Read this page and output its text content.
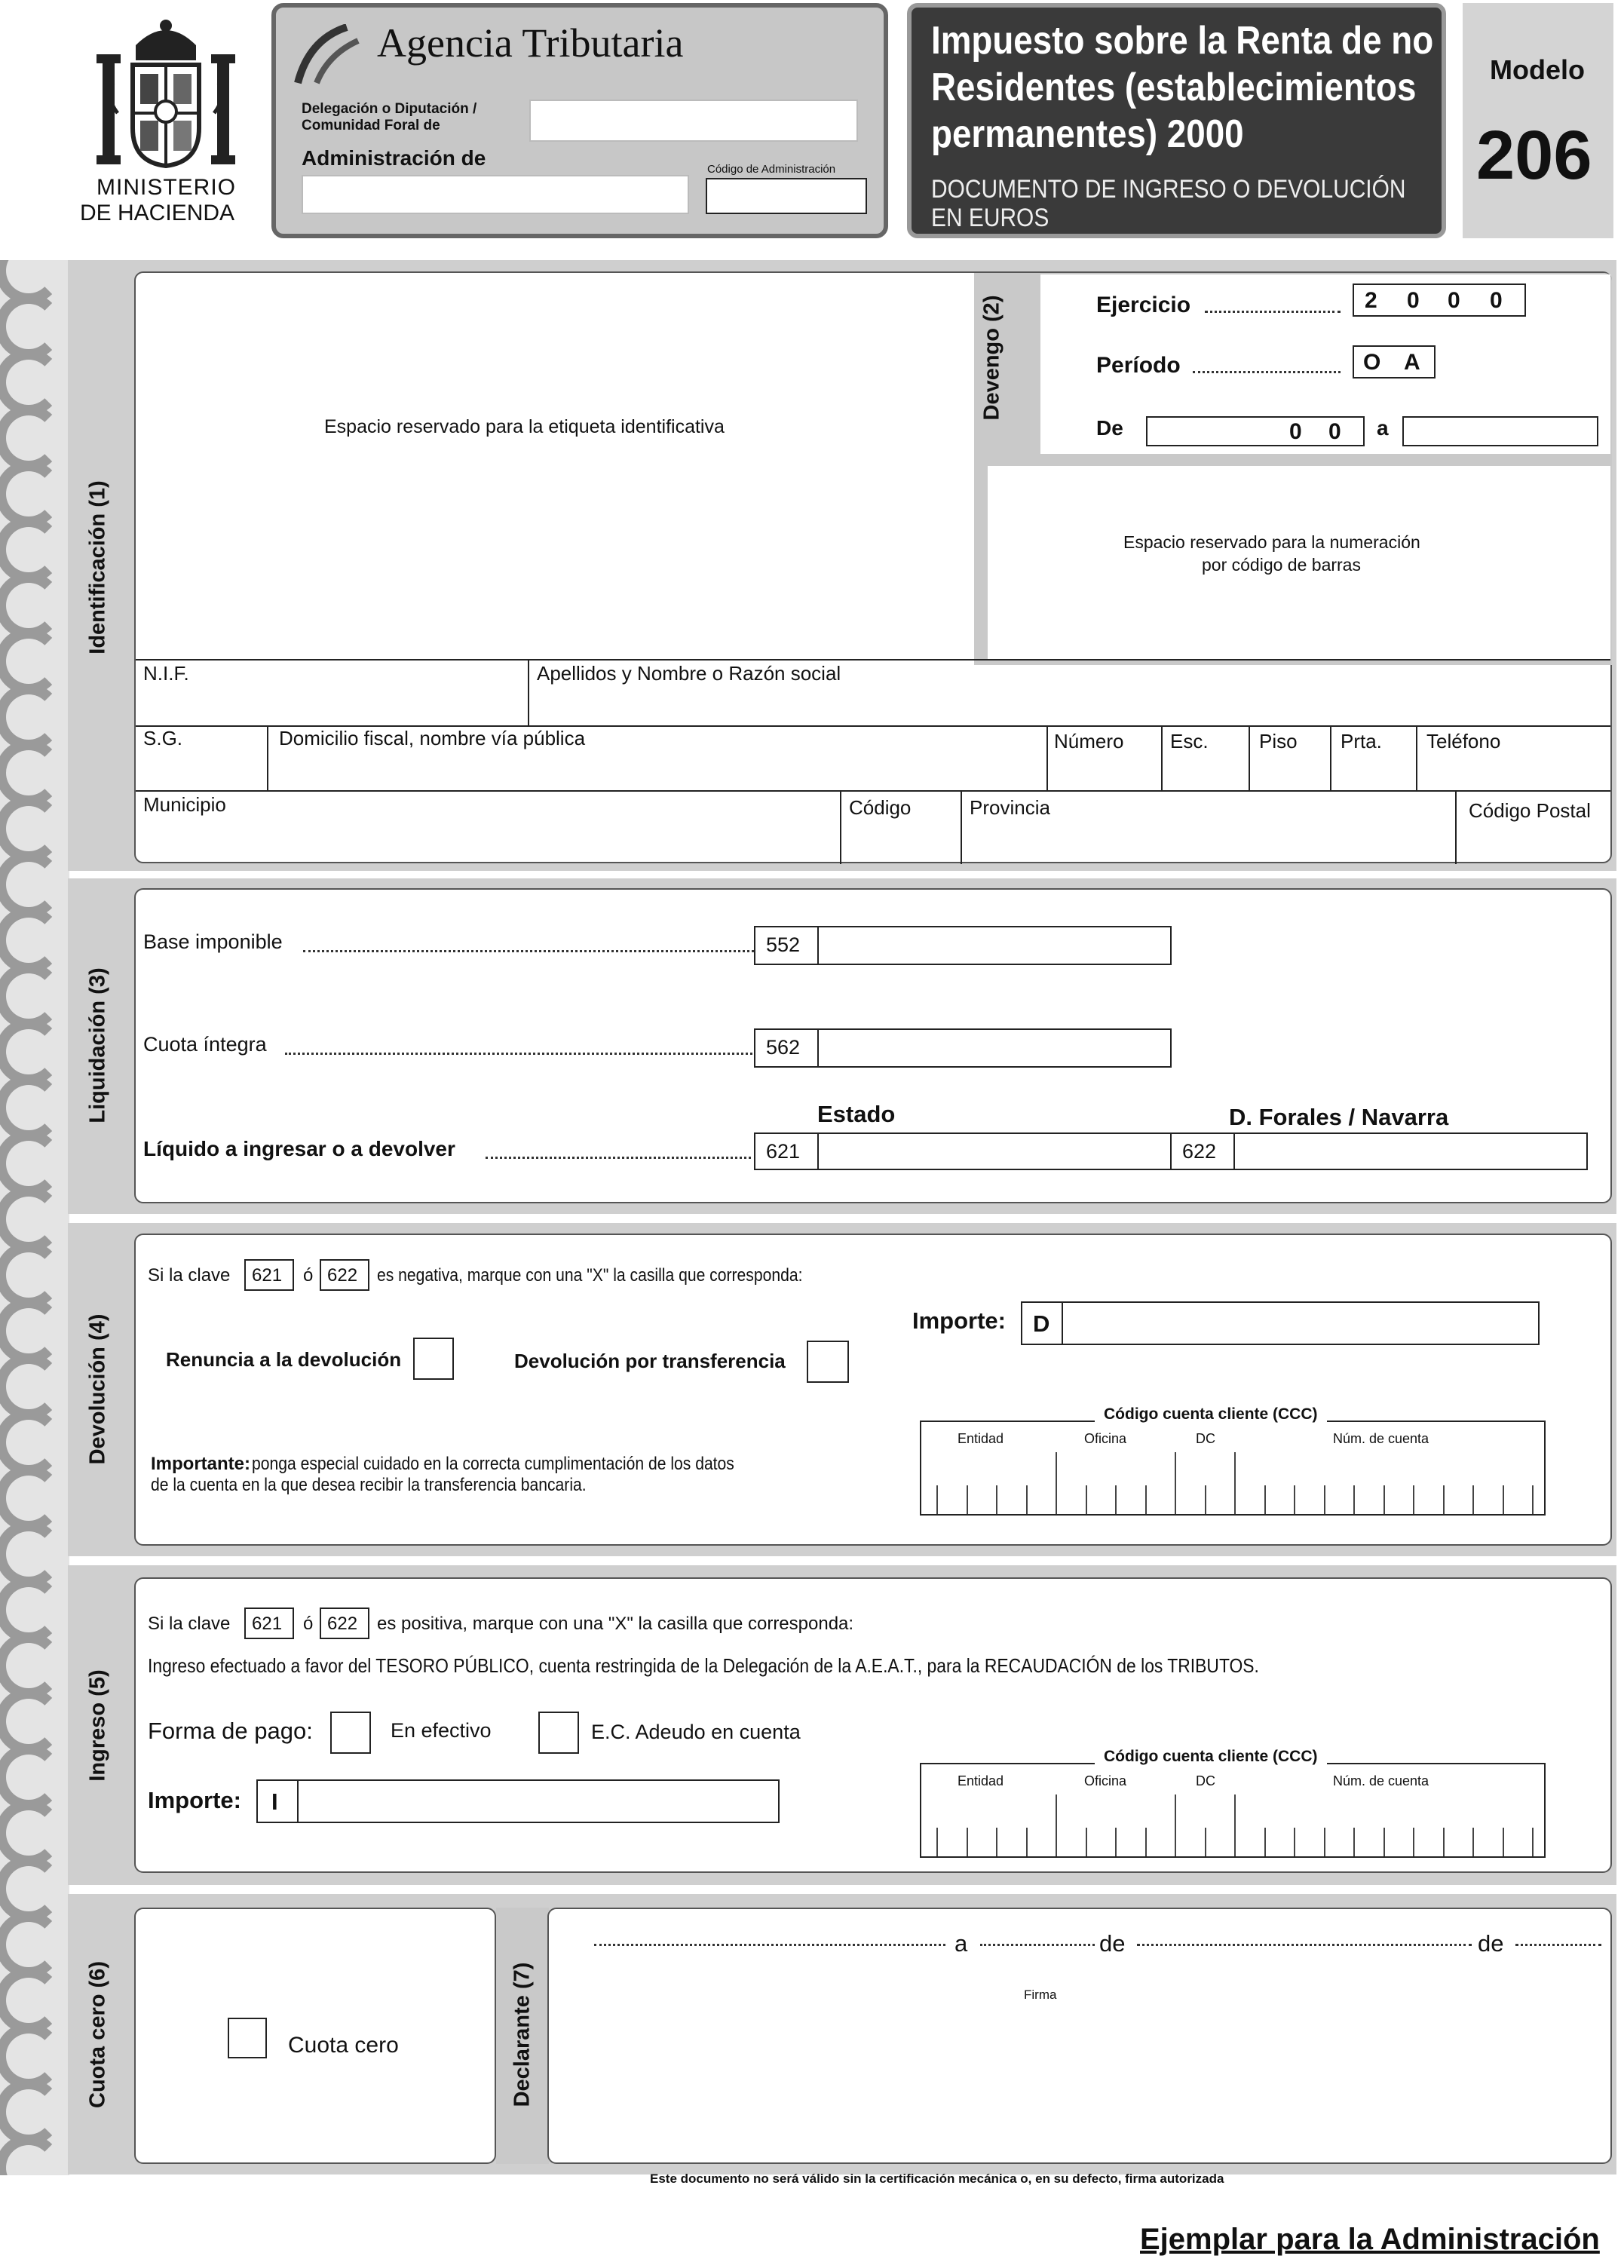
MINISTERIO
DE HACIENDA
Agencia Tributaria
Delegación o Diputación /
Comunidad Foral de
Administración de	Código de Administración
Impuesto sobre la Renta de no
Residentes (establecimientos
permanentes) 2000
DOCUMENTO DE INGRESO O DEVOLUCIÓN
EN EUROS
Modelo
206
Identificación (1)
Espacio reservado para la etiqueta identificativa
Devengo (2)	Ejercicio	2 0 0 0
Período	O A
De	0 0 a
Espacio reservado para la numeración
por código de barras
N.I.F.	Apellidos y Nombre o Razón social
S.G.	Domicilio fiscal, nombre vía pública	Número Esc.	Piso Prta. Teléfono
Municipio	Código	Provincia	Código Postal
Liquidación (3)
Base imponible	552
Cuota íntegra	562
Estado	D. Forales / Navarra
Líquido a ingresar o a devolver	621	622
Devolución (4)
Si la clave 621 ó 622 es negativa, marque con una "X" la casilla que corresponda:
Importe: D
Renuncia a la devolución	Devolución por transferencia
Importante: ponga especial cuidado en la correcta cumplimentación de los datos
de la cuenta en la que desea recibir la transferencia bancaria.
Código cuenta cliente (CCC)
Entidad	Oficina	DC	Núm. de cuenta
Ingreso (5)
Si la clave 621 ó 622 es positiva, marque con una "X" la casilla que corresponda:
Ingreso efectuado a favor del TESORO PÚBLICO, cuenta restringida de la Delegación de la A.E.A.T., para la RECAUDACIÓN de los TRIBUTOS.
Forma de pago:	En efectivo	E.C. Adeudo en cuenta
Importe: I
Código cuenta cliente (CCC)
Entidad	Oficina	DC	Núm. de cuenta
Cuota cero (6)	Cuota cero	Declarante (7)
a	de	de
Firma
Este documento no será válido sin la certificación mecánica o, en su defecto, firma autorizada
Ejemplar para la Administración
